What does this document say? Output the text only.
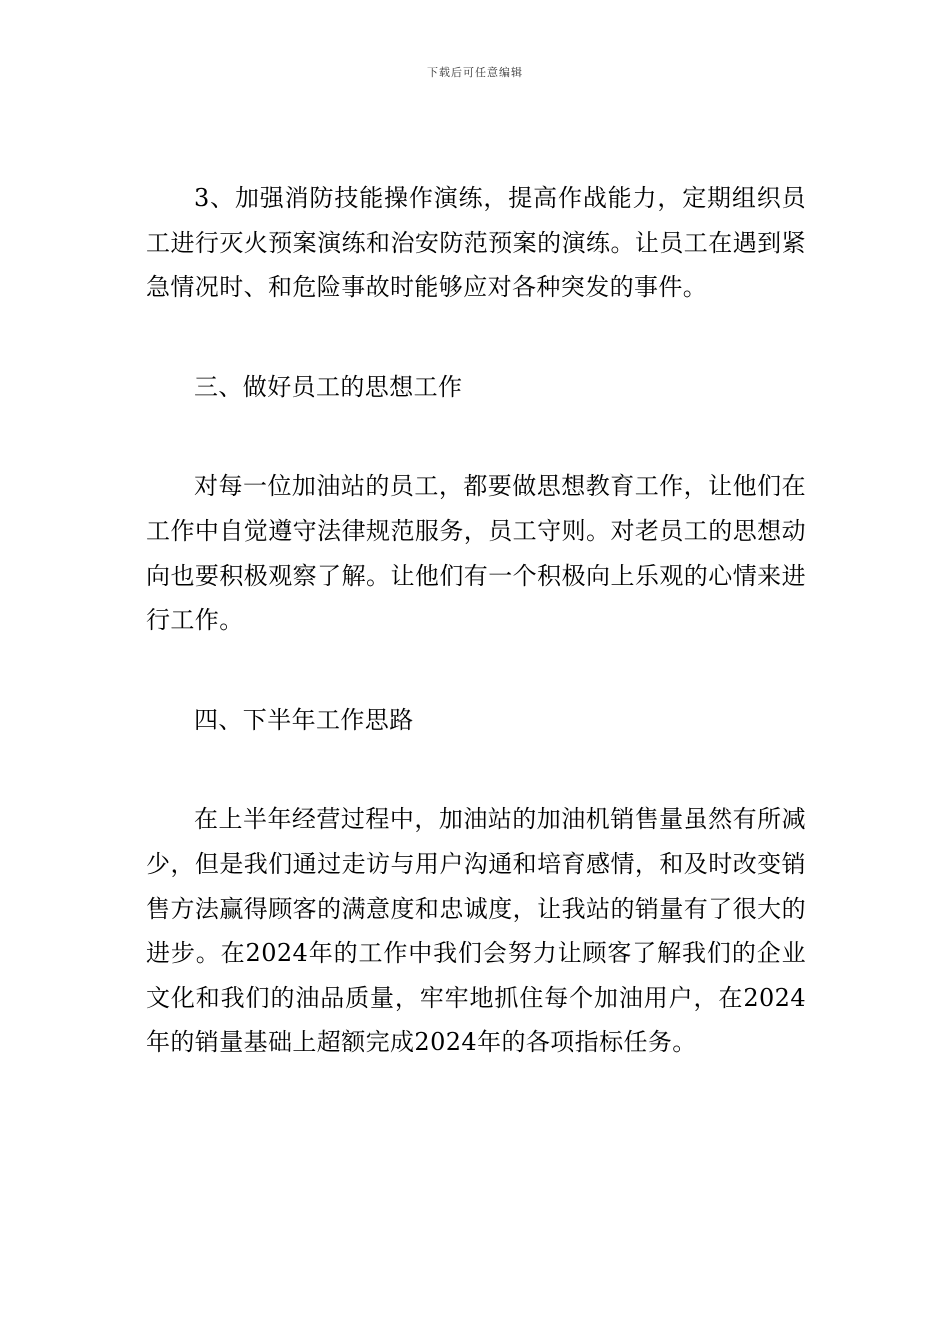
下载后可任意编辑

3、加强消防技能操作演练，提高作战能力，定期组织员工进行灭火预案演练和治安防范预案的演练。让员工在遇到紧急情况时、和危险事故时能够应对各种突发的事件。

三、做好员工的思想工作

对每一位加油站的员工，都要做思想教育工作，让他们在工作中自觉遵守法律规范服务，员工守则。对老员工的思想动向也要积极观察了解。让他们有一个积极向上乐观的心情来进行工作。

四、下半年工作思路

在上半年经营过程中，加油站的加油机销售量虽然有所减少，但是我们通过走访与用户沟通和培育感情，和及时改变销售方法赢得顾客的满意度和忠诚度，让我站的销量有了很大的进步。在2024年的工作中我们会努力让顾客了解我们的企业文化和我们的油品质量，牢牢地抓住每个加油用户，在2024年的销量基础上超额完成2024年的各项指标任务。
